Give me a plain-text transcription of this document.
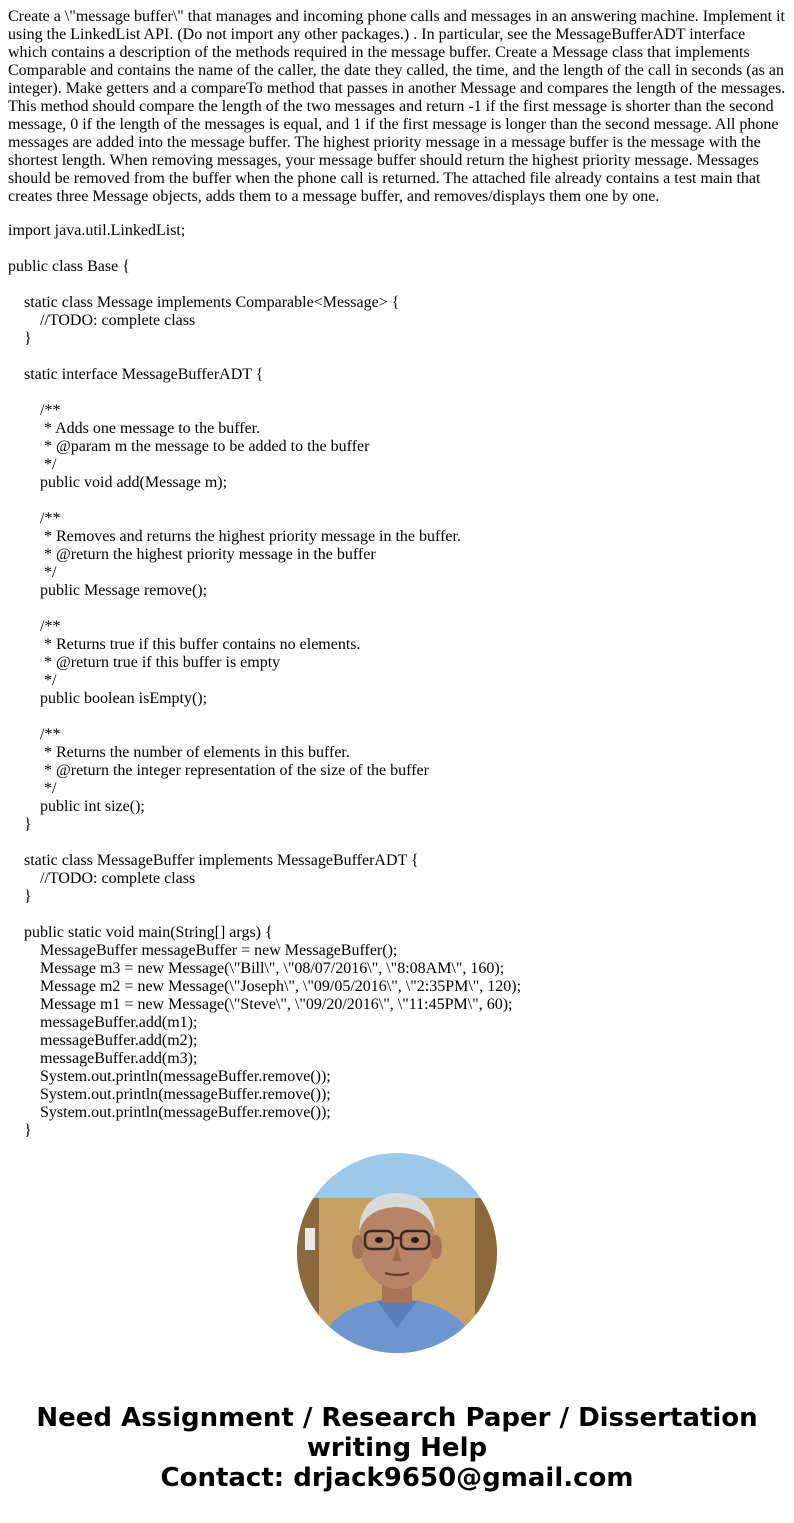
Create a \"message buffer\" that manages and incoming phone calls and messages in an answering machine. Implement it using the LinkedList API. (Do not import any other packages.) . In particular, see the MessageBufferADT interface which contains a description of the methods required in the message buffer. Create a Message class that implements Comparable and contains the name of the caller, the date they called, the time, and the length of the call in seconds (as an integer). Make getters and a compareTo method that passes in another Message and compares the length of the messages. This method should compare the length of the two messages and return -1 if the first message is shorter than the second message, 0 if the length of the messages is equal, and 1 if the first message is longer than the second message. All phone messages are added into the message buffer. The highest priority message in a message buffer is the message with the shortest length. When removing messages, your message buffer should return the highest priority message. Messages should be removed from the buffer when the phone call is returned. The attached file already contains a test main that creates three Message objects, adds them to a message buffer, and removes/displays them one by one.

import java.util.LinkedList;
public class Base {
static class Message implements Comparable<Message> {
//TODO: complete class
}
static interface MessageBufferADT {
/**
* Adds one message to the buffer.
* @param m the message to be added to the buffer
*/
public void add(Message m);
/**
* Removes and returns the highest priority message in the buffer.
* @return the highest priority message in the buffer
*/
public Message remove();
/**
* Returns true if this buffer contains no elements.
* @return true if this buffer is empty
*/
public boolean isEmpty();
/**
* Returns the number of elements in this buffer.
* @return the integer representation of the size of the buffer
*/
public int size();
}
static class MessageBuffer implements MessageBufferADT {
//TODO: complete class
}
public static void main(String[] args) {
MessageBuffer messageBuffer = new MessageBuffer();
Message m3 = new Message(\"Bill\", \"08/07/2016\", \"8:08AM\", 160);
Message m2 = new Message(\"Joseph\", \"09/05/2016\", \"2:35PM\", 120);
Message m1 = new Message(\"Steve\", \"09/20/2016\", \"11:45PM\", 60);
messageBuffer.add(m1);
messageBuffer.add(m2);
messageBuffer.add(m3);
System.out.println(messageBuffer.remove());
System.out.println(messageBuffer.remove());
System.out.println(messageBuffer.remove());
}
Need Assignment / Research Paper / Dissertation
writing Help
Contact: drjack9650@gmail.com
